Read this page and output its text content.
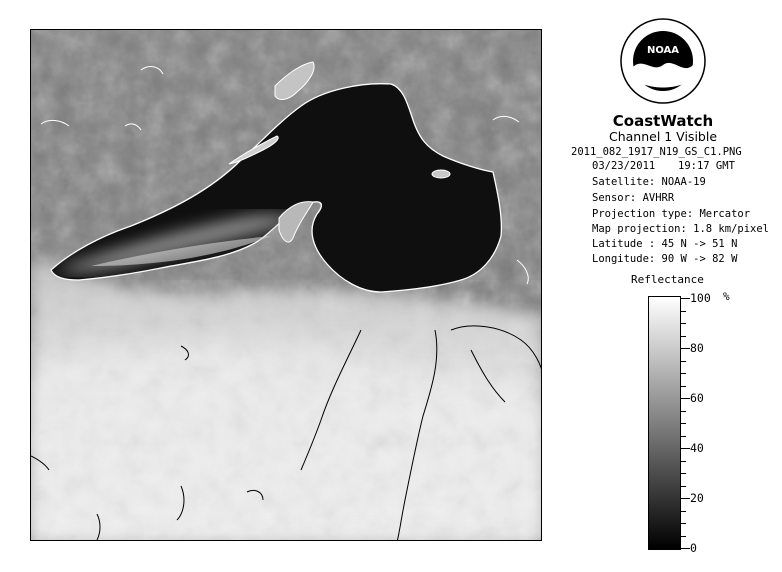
NOAA
CoastWatch
Channel 1 Visible
2011_082_1917_N19_GS_C1.PNG
03/23/2011 19:17 GMT
Satellite: NOAA-19
Sensor: AVHRR
Projection type: Mercator
Map projection: 1.8 km/pixel
Latitude : 45 N -> 51 N
Longitude: 90 W -> 82 W
Reflectance
100
80
60
40
20
0
%
